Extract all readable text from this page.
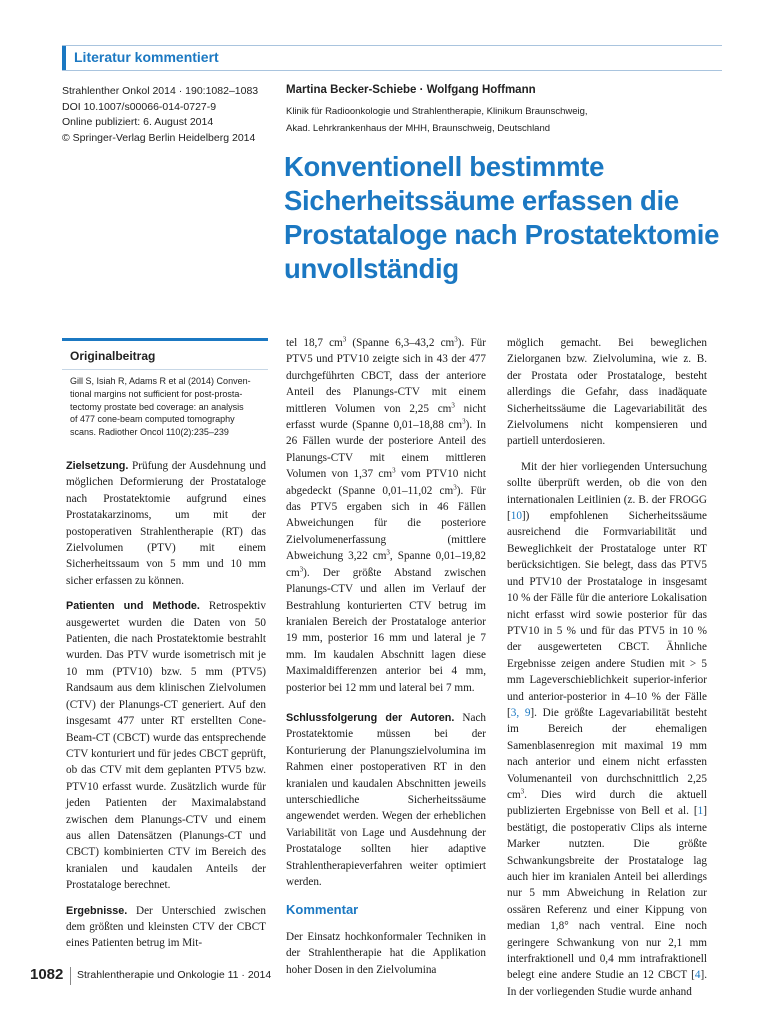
Literatur kommentiert
Strahlenther Onkol 2014 · 190:1082–1083
DOI 10.1007/s00066-014-0727-9
Online publiziert: 6. August 2014
© Springer-Verlag Berlin Heidelberg 2014
Martina Becker-Schiebe · Wolfgang Hoffmann
Klinik für Radioonkologie und Strahlentherapie, Klinikum Braunschweig,
Akad. Lehrkrankenhaus der MHH, Braunschweig, Deutschland
Konventionell bestimmte
Sicherheitssäume erfassen die
Prostataloge nach Prostatektomie
unvollständig
Originalbeitrag
Gill S, Isiah R, Adams R et al (2014) Conven-
tional margins not sufficient for post-prosta-
tectomy prostate bed coverage: an analysis
of 477 cone-beam computed tomography
scans. Radiother Oncol 110(2):235–239

Zielsetzung. Prüfung der Ausdehnung und möglichen Deformierung der Prostataloge nach Prostatektomie aufgrund eines Prostatakarzinoms, um mit der postoperativen Strahlentherapie (RT) das Zielvolumen (PTV) mit einem Sicherheitssaum von 5 mm und 10 mm sicher erfassen zu können.

Patienten und Methode. Retrospektiv ausgewertet wurden die Daten von 50 Patienten, die nach Prostatektomie bestrahlt wurden. Das PTV wurde isometrisch mit je 10 mm (PTV10) bzw. 5 mm (PTV5) Randsaum aus dem klinischen Zielvolumen (CTV) der Planungs-CT generiert. Auf den insgesamt 477 unter RT erstellten Cone-Beam-CT (CBCT) wurde das entsprechende CTV konturiert und für jedes CBCT geprüft, ob das CTV mit dem geplanten PTV5 bzw. PTV10 erfasst wurde. Zusätzlich wurde für jeden Patienten der Maximalabstand zwischen dem Planungs-CTV und einem aus allen Datensätzen (Planungs-CT und CBCT) kombinierten CTV im Bereich des kranialen und kaudalen Anteils der Prostataloge berechnet.

Ergebnisse. Der Unterschied zwischen dem größten und kleinsten CTV der CBCT eines Patienten betrug im Mit-

tel 18,7 $cm^3$ (Spanne 6,3–43,2 $cm^3$). Für PTV5 und PTV10 zeigte sich in 43 der 477 durchgeführten CBCT, dass der anteriore Anteil des Planungs-CTV mit einem mittleren Volumen von 2,25 $cm^3$ nicht erfasst wurde (Spanne 0,01–18,88 $cm^3$). In 26 Fällen wurde der posteriore Anteil des Planungs-CTV mit einem mittleren Volumen von 1,37 $cm^3$ vom PTV10 nicht abgedeckt (Spanne 0,01–11,02 $cm^3$). Für das PTV5 ergaben sich in 46 Fällen Abweichungen für die posteriore Zielvolumenerfassung (mittlere Abweichung 3,22 $cm^3$, Spanne 0,01–19,82 $cm^3$). Der größte Abstand zwischen Planungs-CTV und allen im Verlauf der Bestrahlung konturierten CTV betrug im kranialen Bereich der Prostataloge anterior 19 mm, posterior 16 mm und lateral je 7 mm. Im kaudalen Abschnitt lagen diese Maximaldifferenzen anterior bei 4 mm, posterior bei 12 mm und lateral bei 7 mm.

Schlussfolgerung der Autoren. Nach Prostatektomie müssen bei der Konturierung der Planungszielvolumina im Rahmen einer postoperativen RT in den kranialen und kaudalen Abschnitten jeweils unterschiedliche Sicherheitssäume angewendet werden. Wegen der erheblichen Variabilität von Lage und Ausdehnung der Prostataloge sollten hier adaptive Strahlentherapieverfahren weiter optimiert werden.

Kommentar

Der Einsatz hochkonformaler Techniken in der Strahlentherapie hat die Applikation hoher Dosen in den Zielvolumina

möglich gemacht. Bei beweglichen Zielorganen bzw. Zielvolumina, wie z. B. der Prostata oder Prostataloge, besteht allerdings die Gefahr, dass inadäquate Sicherheitssäume die Lagevariabilität des Zielvolumens nicht kompensieren und partiell unterdosieren.

Mit der hier vorliegenden Untersuchung sollte überprüft werden, ob die von den internationalen Leitlinien (z. B. der FROGG [10]) empfohlenen Sicherheitssäume ausreichend die Formvariabilität und Beweglichkeit der Prostataloge unter RT berücksichtigen. Sie belegt, dass das PTV5 und PTV10 der Prostataloge in insgesamt 10 % der Fälle für die anteriore Lokalisation nicht erfasst wird sowie posterior für das PTV10 in 5 % und für das PTV5 in 10 % der ausgewerteten CBCT. Ähnliche Ergebnisse zeigen andere Studien mit > 5 mm Lageverschieblichkeit superior-inferior und anterior-posterior in 4–10 % der Fälle [3, 9]. Die größte Lagevariabilität besteht im Bereich der ehemaligen Samenblasenregion mit maximal 19 mm nach anterior und einem nicht erfassten Volumenanteil von durchschnittlich 2,25 $cm^3$. Dies wird durch die aktuell publizierten Ergebnisse von Bell et al. [1] bestätigt, die postoperativ Clips als interne Marker nutzten. Die größte Schwankungsbreite der Prostataloge lag auch hier im kranialen Anteil bei allerdings nur 5 mm Abweichung in Relation zur ossären Referenz und einer Kippung von median 1,8° nach ventral. Eine noch geringere Schwankung von nur 2,1 mm interfraktionell und 0,4 mm intrafraktionell belegt eine andere Studie an 12 CBCT [4]. In der vorliegenden Studie wurde anhand

1082 Strahlentherapie und Onkologie 11 · 2014
